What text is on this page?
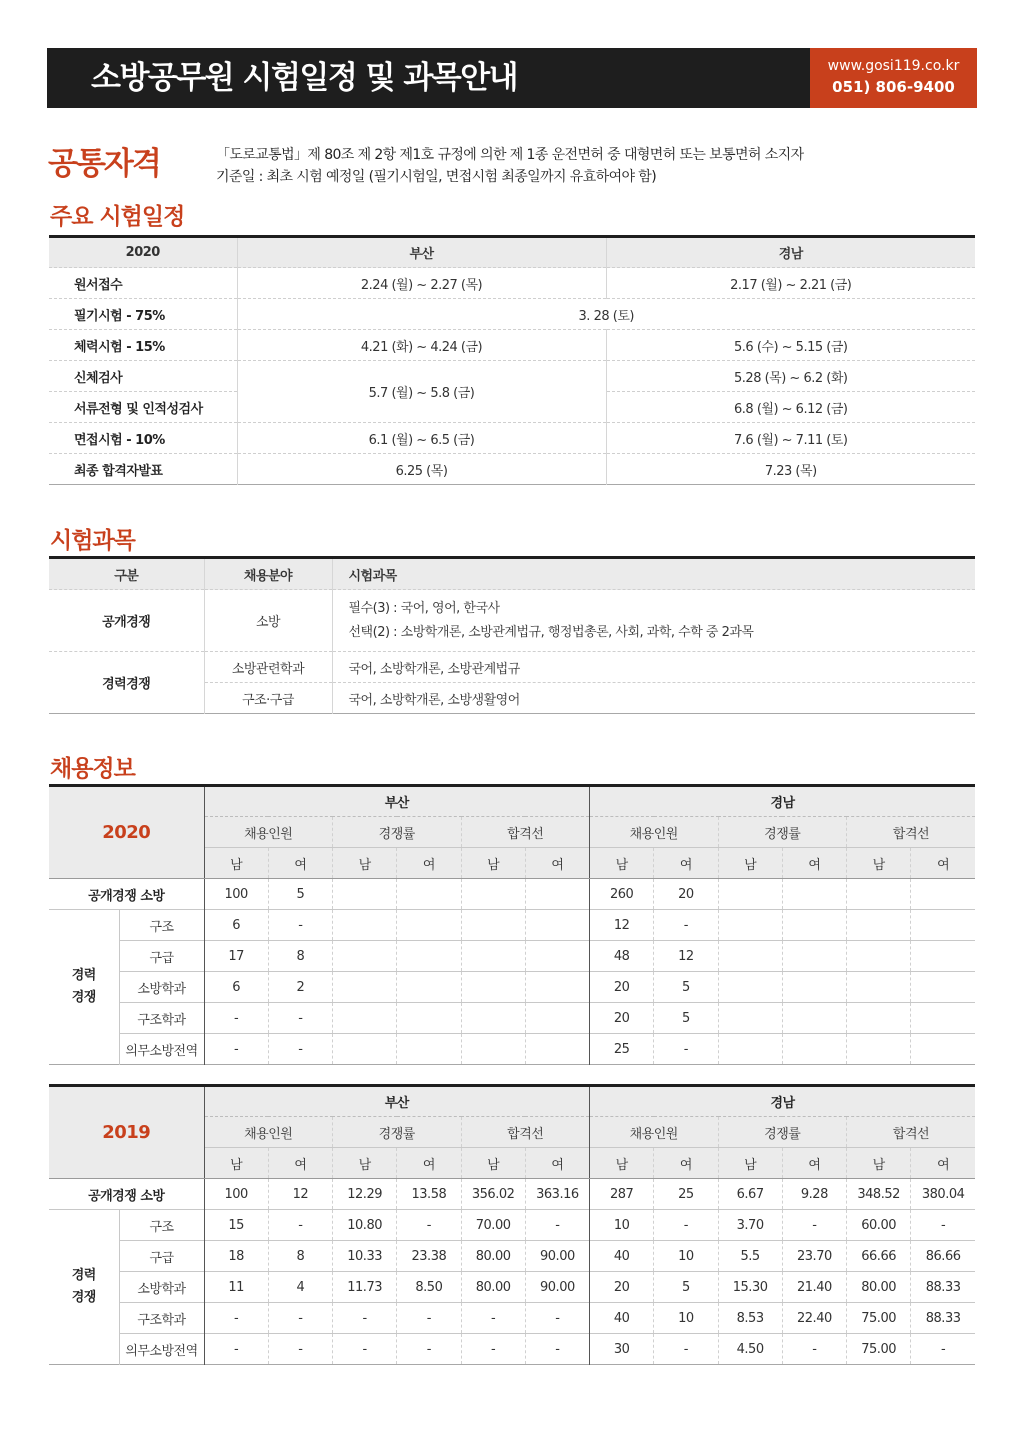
소방공무원 시험일정 및 과목안내	www.gosi119.co.kr
051) 806-9400
공통자격	「도로교통법」제 80조 제 2항 제1호 규정에 의한 제 1종 운전면허 중 대형면허 또는 보통면허 소지자
기준일 : 최초 시험 예정일 (필기시험일, 면접시험 최종일까지 유효하여야 함)
주요 시험일정
2020	부산	경남
원서접수	2.24 (월) ~ 2.27 (목)	2.17 (월) ~ 2.21 (금)
필기시험 - 75%	3. 28 (토)	
체력시험 - 15%	4.21 (화) ~ 4.24 (금)	5.6 (수) ~ 5.15 (금)
신체검사	5.7 (월) ~ 5.8 (금)	5.28 (목) ~ 6.2 (화)
서류전형 및 인적성검사		6.8 (월) ~ 6.12 (금)
면접시험 - 10%	6.1 (월) ~ 6.5 (금)	7.6 (월) ~ 7.11 (토)
최종 합격자발표	6.25 (목)	7.23 (목)
시험과목
구분	채용분야	시험과목
공개경쟁	소방	필수(3) : 국어, 영어, 한국사
선택(2) : 소방학개론, 소방관계법규, 행정법총론, 사회, 과학, 수학 중 2과목

경력경쟁	소방관련학과	국어, 소방학개론, 소방관계법규
	구조·구급	국어, 소방학개론, 소방생활영어
채용정보
2020		부산						경남					
		채용인원		경쟁률		합격선		채용인원		경쟁률		합격선	
		남	여	남	여	남	여	남	여	남	여	남	여
공개경쟁 소방		100	5					260	20				

경력
경쟁	구조	6	-					12	-				
	구급	17	8					48	12				
	소방학과	6	2					20	5				
	구조학과	-	-					20	5				
	의무소방전역	-	-					25	-				
2019		부산						경남					
		채용인원		경쟁률		합격선		채용인원		경쟁률		합격선	
		남	여	남	여	남	여	남	여	남	여	남	여
공개경쟁 소방		100	12	12.29	13.58	356.02	363.16	287	25	6.67	9.28	348.52	380.04

경력
경쟁	구조	15	-	10.80	-	70.00	-	10	-	3.70	-	60.00	-
	구급	18	8	10.33	23.38	80.00	90.00	40	10	5.5	23.70	66.66	86.66
	소방학과	11	4	11.73	8.50	80.00	90.00	20	5	15.30	21.40	80.00	88.33
	구조학과	-	-	-	-	-	-	40	10	8.53	22.40	75.00	88.33
	의무소방전역	-	-	-	-	-	-	30	-	4.50	-	75.00	-
